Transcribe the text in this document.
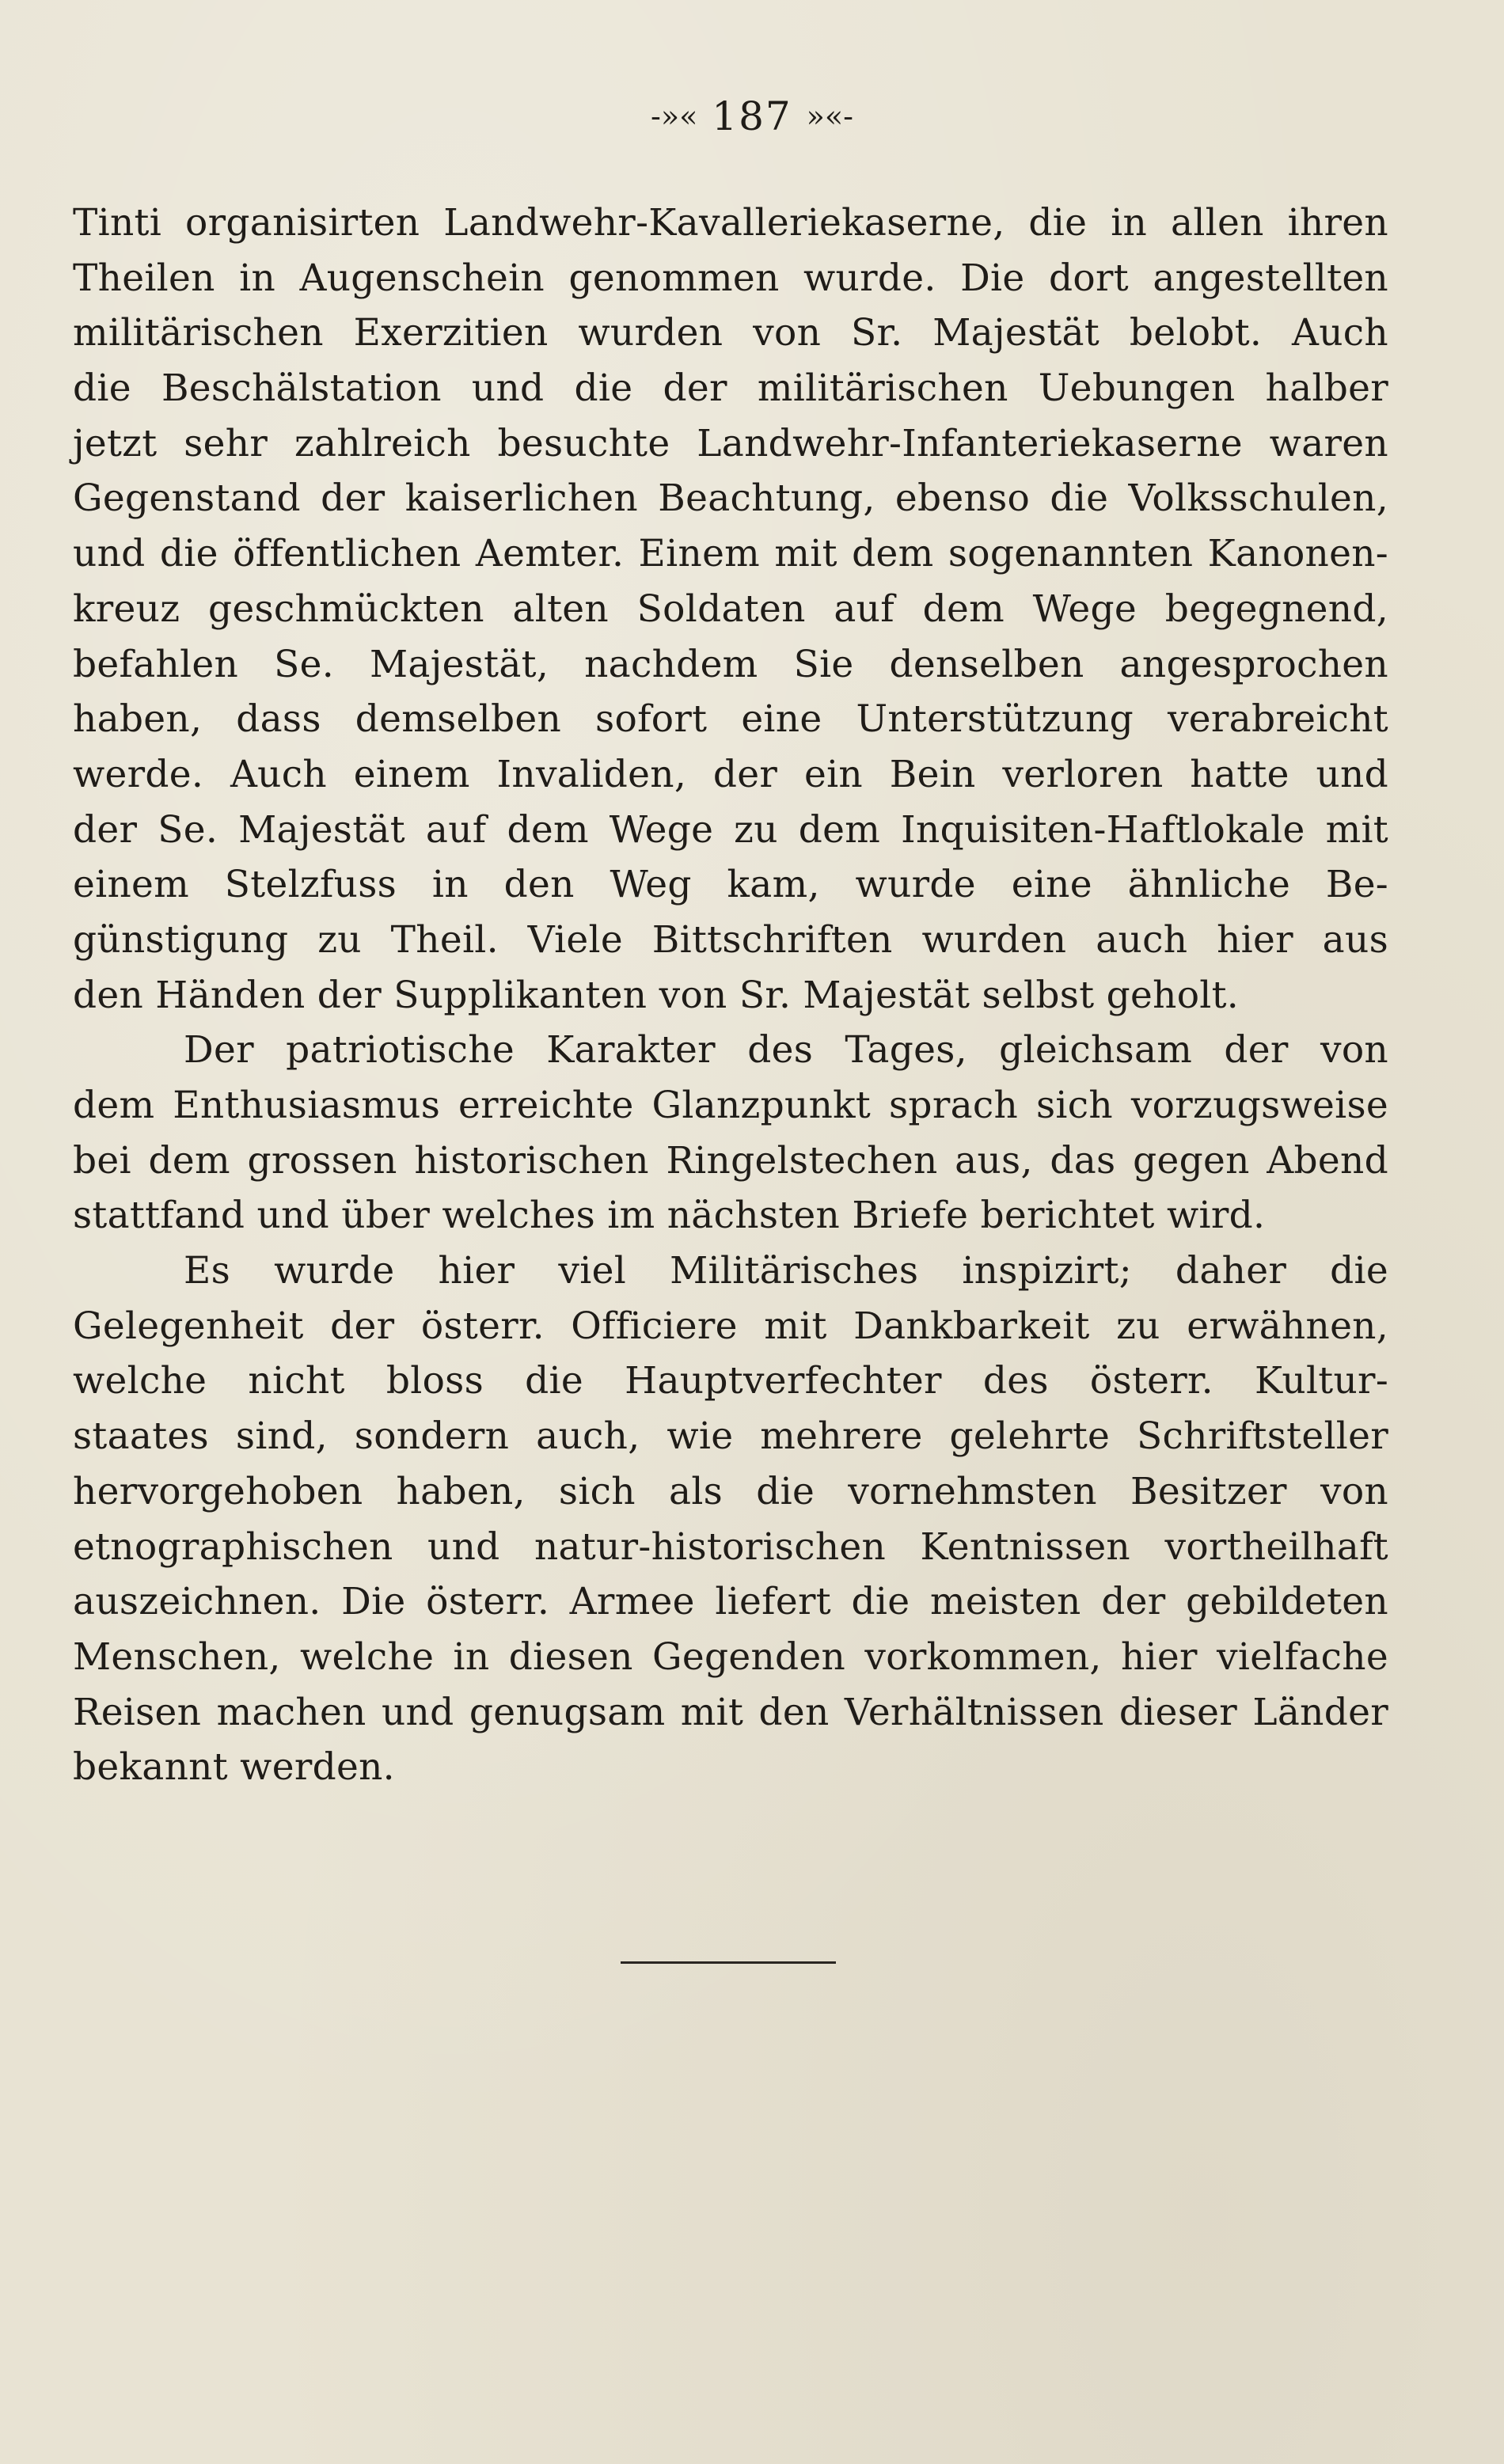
-»« 187 »«-
Tinti organisirten Landwehr-Kavalleriekaserne, die in allen ihren
Theilen in Augenschein genommen wurde. Die dort angestellten
militärischen Exerzitien wurden von Sr. Majestät belobt. Auch
die Beschälstation und die der militärischen Uebungen halber
jetzt sehr zahlreich besuchte Landwehr-Infanteriekaserne waren
Gegenstand der kaiserlichen Beachtung, ebenso die Volksschulen,
und die öffentlichen Aemter. Einem mit dem sogenannten Kanonen-
kreuz geschmückten alten Soldaten auf dem Wege begegnend,
befahlen Se. Majestät, nachdem Sie denselben angesprochen
haben, dass demselben sofort eine Unterstützung verabreicht
werde. Auch einem Invaliden, der ein Bein verloren hatte und
der Se. Majestät auf dem Wege zu dem Inquisiten-Haftlokale mit
einem Stelzfuss in den Weg kam, wurde eine ähnliche Be-
günstigung zu Theil. Viele Bittschriften wurden auch hier aus
den Händen der Supplikanten von Sr. Majestät selbst geholt.
Der patriotische Karakter des Tages, gleichsam der von
dem Enthusiasmus erreichte Glanzpunkt sprach sich vorzugsweise
bei dem grossen historischen Ringelstechen aus, das gegen Abend
stattfand und über welches im nächsten Briefe berichtet wird.
Es wurde hier viel Militärisches inspizirt; daher die
Gelegenheit der österr. Officiere mit Dankbarkeit zu erwähnen,
welche nicht bloss die Hauptverfechter des österr. Kultur-
staates sind, sondern auch, wie mehrere gelehrte Schriftsteller
hervorgehoben haben, sich als die vornehmsten Besitzer von
etnographischen und natur-historischen Kentnissen vortheilhaft
auszeichnen. Die österr. Armee liefert die meisten der gebildeten
Menschen, welche in diesen Gegenden vorkommen, hier vielfache
Reisen machen und genugsam mit den Verhältnissen dieser Länder
bekannt werden.
